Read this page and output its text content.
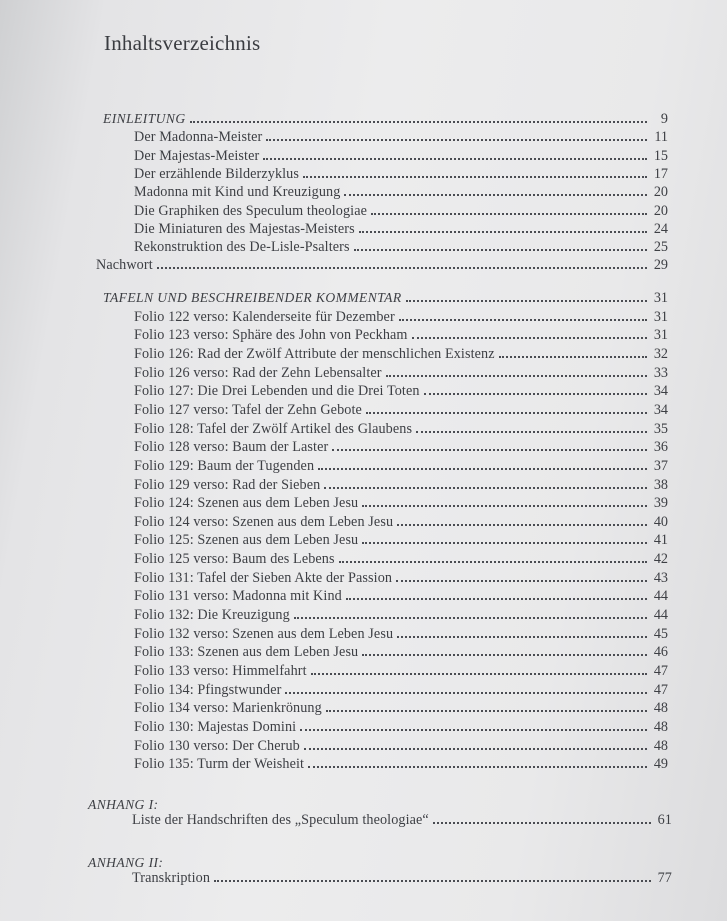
Inhaltsverzeichnis
EINLEITUNG	9
Der Madonna-Meister	11
Der Majestas-Meister	15
Der erzählende Bilderzyklus	17
Madonna mit Kind und Kreuzigung	20
Die Graphiken des Speculum theologiae	20
Die Miniaturen des Majestas-Meisters	24
Rekonstruktion des De-Lisle-Psalters	25
Nachwort	29
TAFELN UND BESCHREIBENDER KOMMENTAR	31
Folio 122 verso: Kalenderseite für Dezember	31
Folio 123 verso: Sphäre des John von Peckham	31
Folio 126: Rad der Zwölf Attribute der menschlichen Existenz	32
Folio 126 verso: Rad der Zehn Lebensalter	33
Folio 127: Die Drei Lebenden und die Drei Toten	34
Folio 127 verso: Tafel der Zehn Gebote	34
Folio 128: Tafel der Zwölf Artikel des Glaubens	35
Folio 128 verso: Baum der Laster	36
Folio 129: Baum der Tugenden	37
Folio 129 verso: Rad der Sieben	38
Folio 124: Szenen aus dem Leben Jesu	39
Folio 124 verso: Szenen aus dem Leben Jesu	40
Folio 125: Szenen aus dem Leben Jesu	41
Folio 125 verso: Baum des Lebens	42
Folio 131: Tafel der Sieben Akte der Passion	43
Folio 131 verso: Madonna mit Kind	44
Folio 132: Die Kreuzigung	44
Folio 132 verso: Szenen aus dem Leben Jesu	45
Folio 133: Szenen aus dem Leben Jesu	46
Folio 133 verso: Himmelfahrt	47
Folio 134: Pfingstwunder	47
Folio 134 verso: Marienkrönung	48
Folio 130: Majestas Domini	48
Folio 130 verso: Der Cherub	48
Folio 135: Turm der Weisheit	49
ANHANG I:
Liste der Handschriften des „Speculum theologiae“	61
ANHANG II:
Transkription	77
